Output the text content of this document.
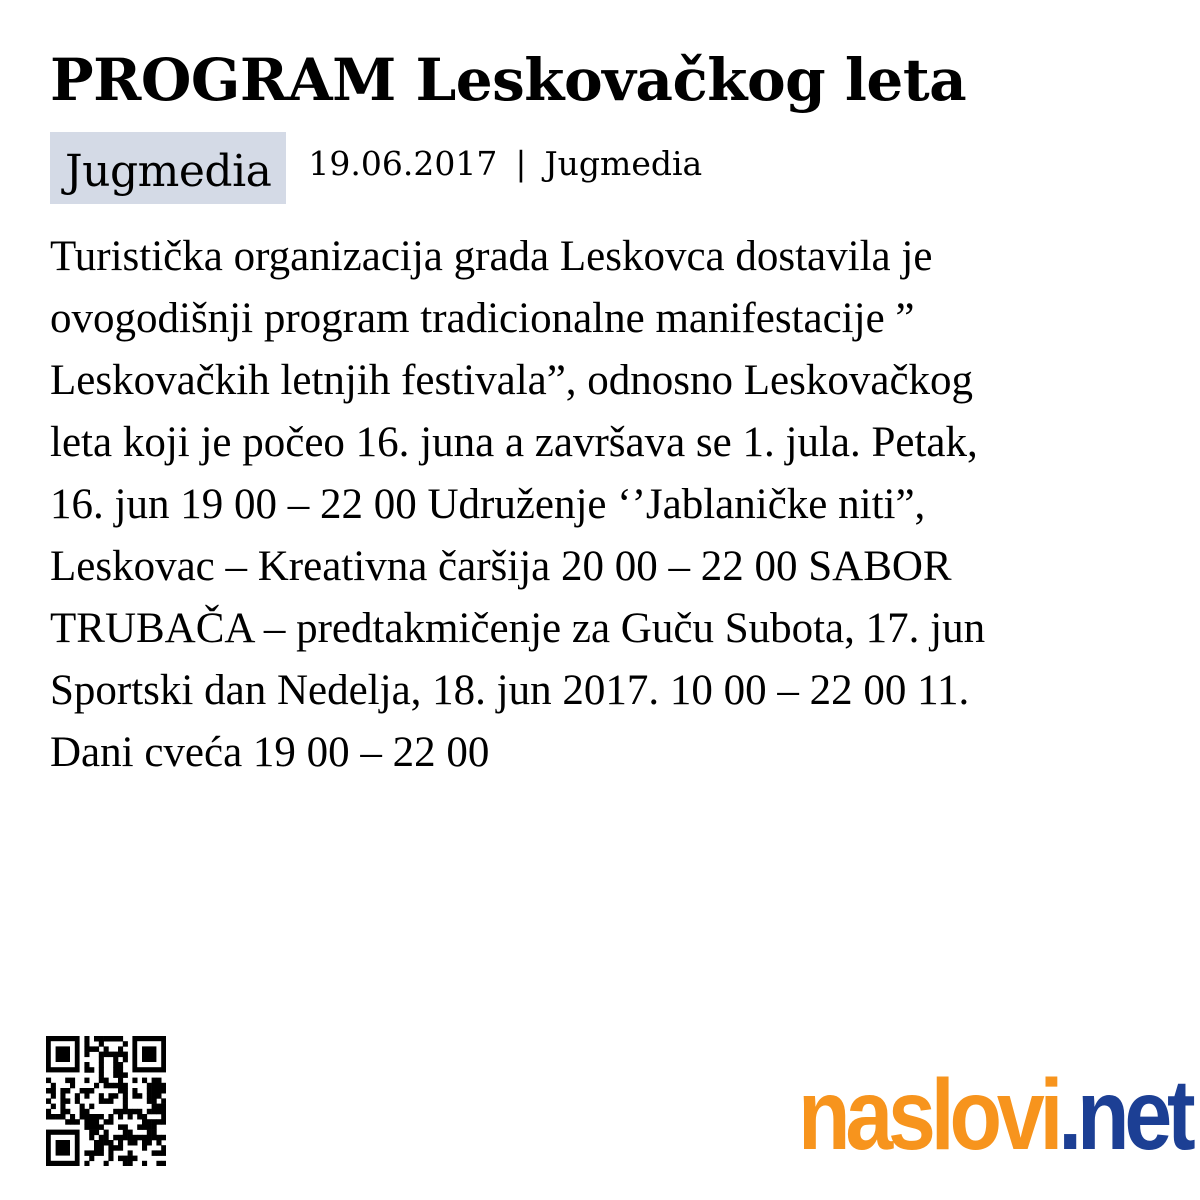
PROGRAM Leskovačkog leta
Jugmedia	19.06.2017 | Jugmedia
Turistička organizacija grada Leskovca dostavila je
ovogodišnji program tradicionalne manifestacije ”
Leskovačkih letnjih festivala”, odnosno Leskovačkog
leta koji je počeo 16. juna a završava se 1. jula. Petak,
16. jun 19 00 – 22 00 Udruženje ‘’Jablaničke niti”,
Leskovac – Kreativna čaršija 20 00 – 22 00 SABOR
TRUBAČA – predtakmičenje za Guču Subota, 17. jun
Sportski dan Nedelja, 18. jun 2017. 10 00 – 22 00 11.
Dani cveća 19 00 – 22 00
naslovi.net
